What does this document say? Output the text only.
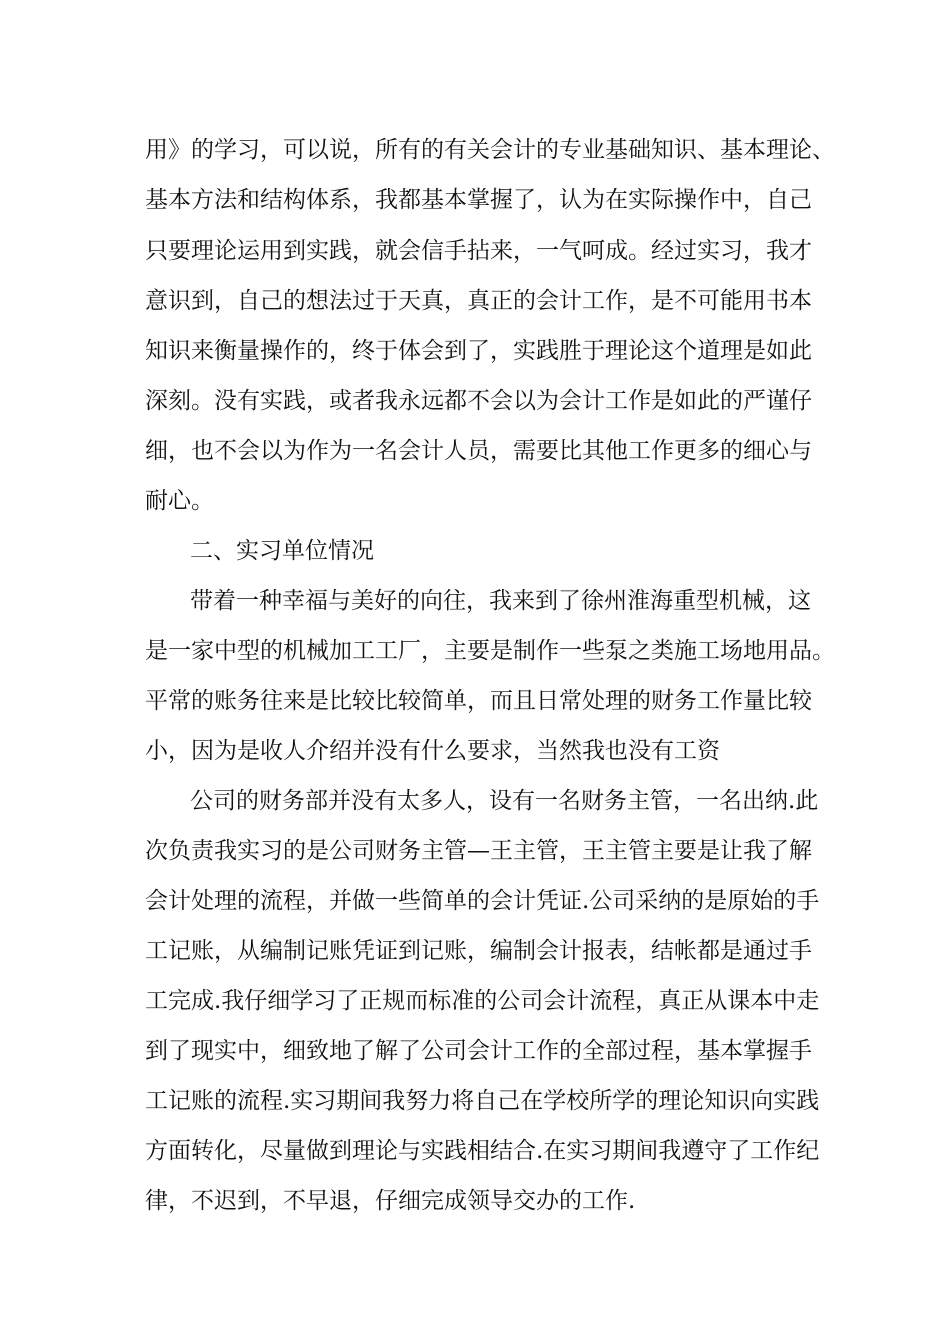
用》的学习，可以说，所有的有关会计的专业基础知识、基本理论、

基本方法和结构体系，我都基本掌握了，认为在实际操作中，自己

只要理论运用到实践，就会信手拈来，一气呵成。经过实习，我才

意识到，自己的想法过于天真，真正的会计工作，是不可能用书本

知识来衡量操作的，终于体会到了，实践胜于理论这个道理是如此

深刻。没有实践，或者我永远都不会以为会计工作是如此的严谨仔

细，也不会以为作为一名会计人员，需要比其他工作更多的细心与

耐心。

二、实习单位情况

带着一种幸福与美好的向往，我来到了徐州淮海重型机械，这

是一家中型的机械加工工厂，主要是制作一些泵之类施工场地用品。

平常的账务往来是比较比较简单，而且日常处理的财务工作量比较

小，因为是收人介绍并没有什么要求，当然我也没有工资

公司的财务部并没有太多人，设有一名财务主管，一名出纳.此

次负责我实习的是公司财务主管—王主管，王主管主要是让我了解

会计处理的流程，并做一些简单的会计凭证.公司采纳的是原始的手

工记账，从编制记账凭证到记账，编制会计报表，结帐都是通过手

工完成.我仔细学习了正规而标准的公司会计流程，真正从课本中走

到了现实中，细致地了解了公司会计工作的全部过程，基本掌握手

工记账的流程.实习期间我努力将自己在学校所学的理论知识向实践

方面转化，尽量做到理论与实践相结合.在实习期间我遵守了工作纪

律，不迟到，不早退，仔细完成领导交办的工作.
